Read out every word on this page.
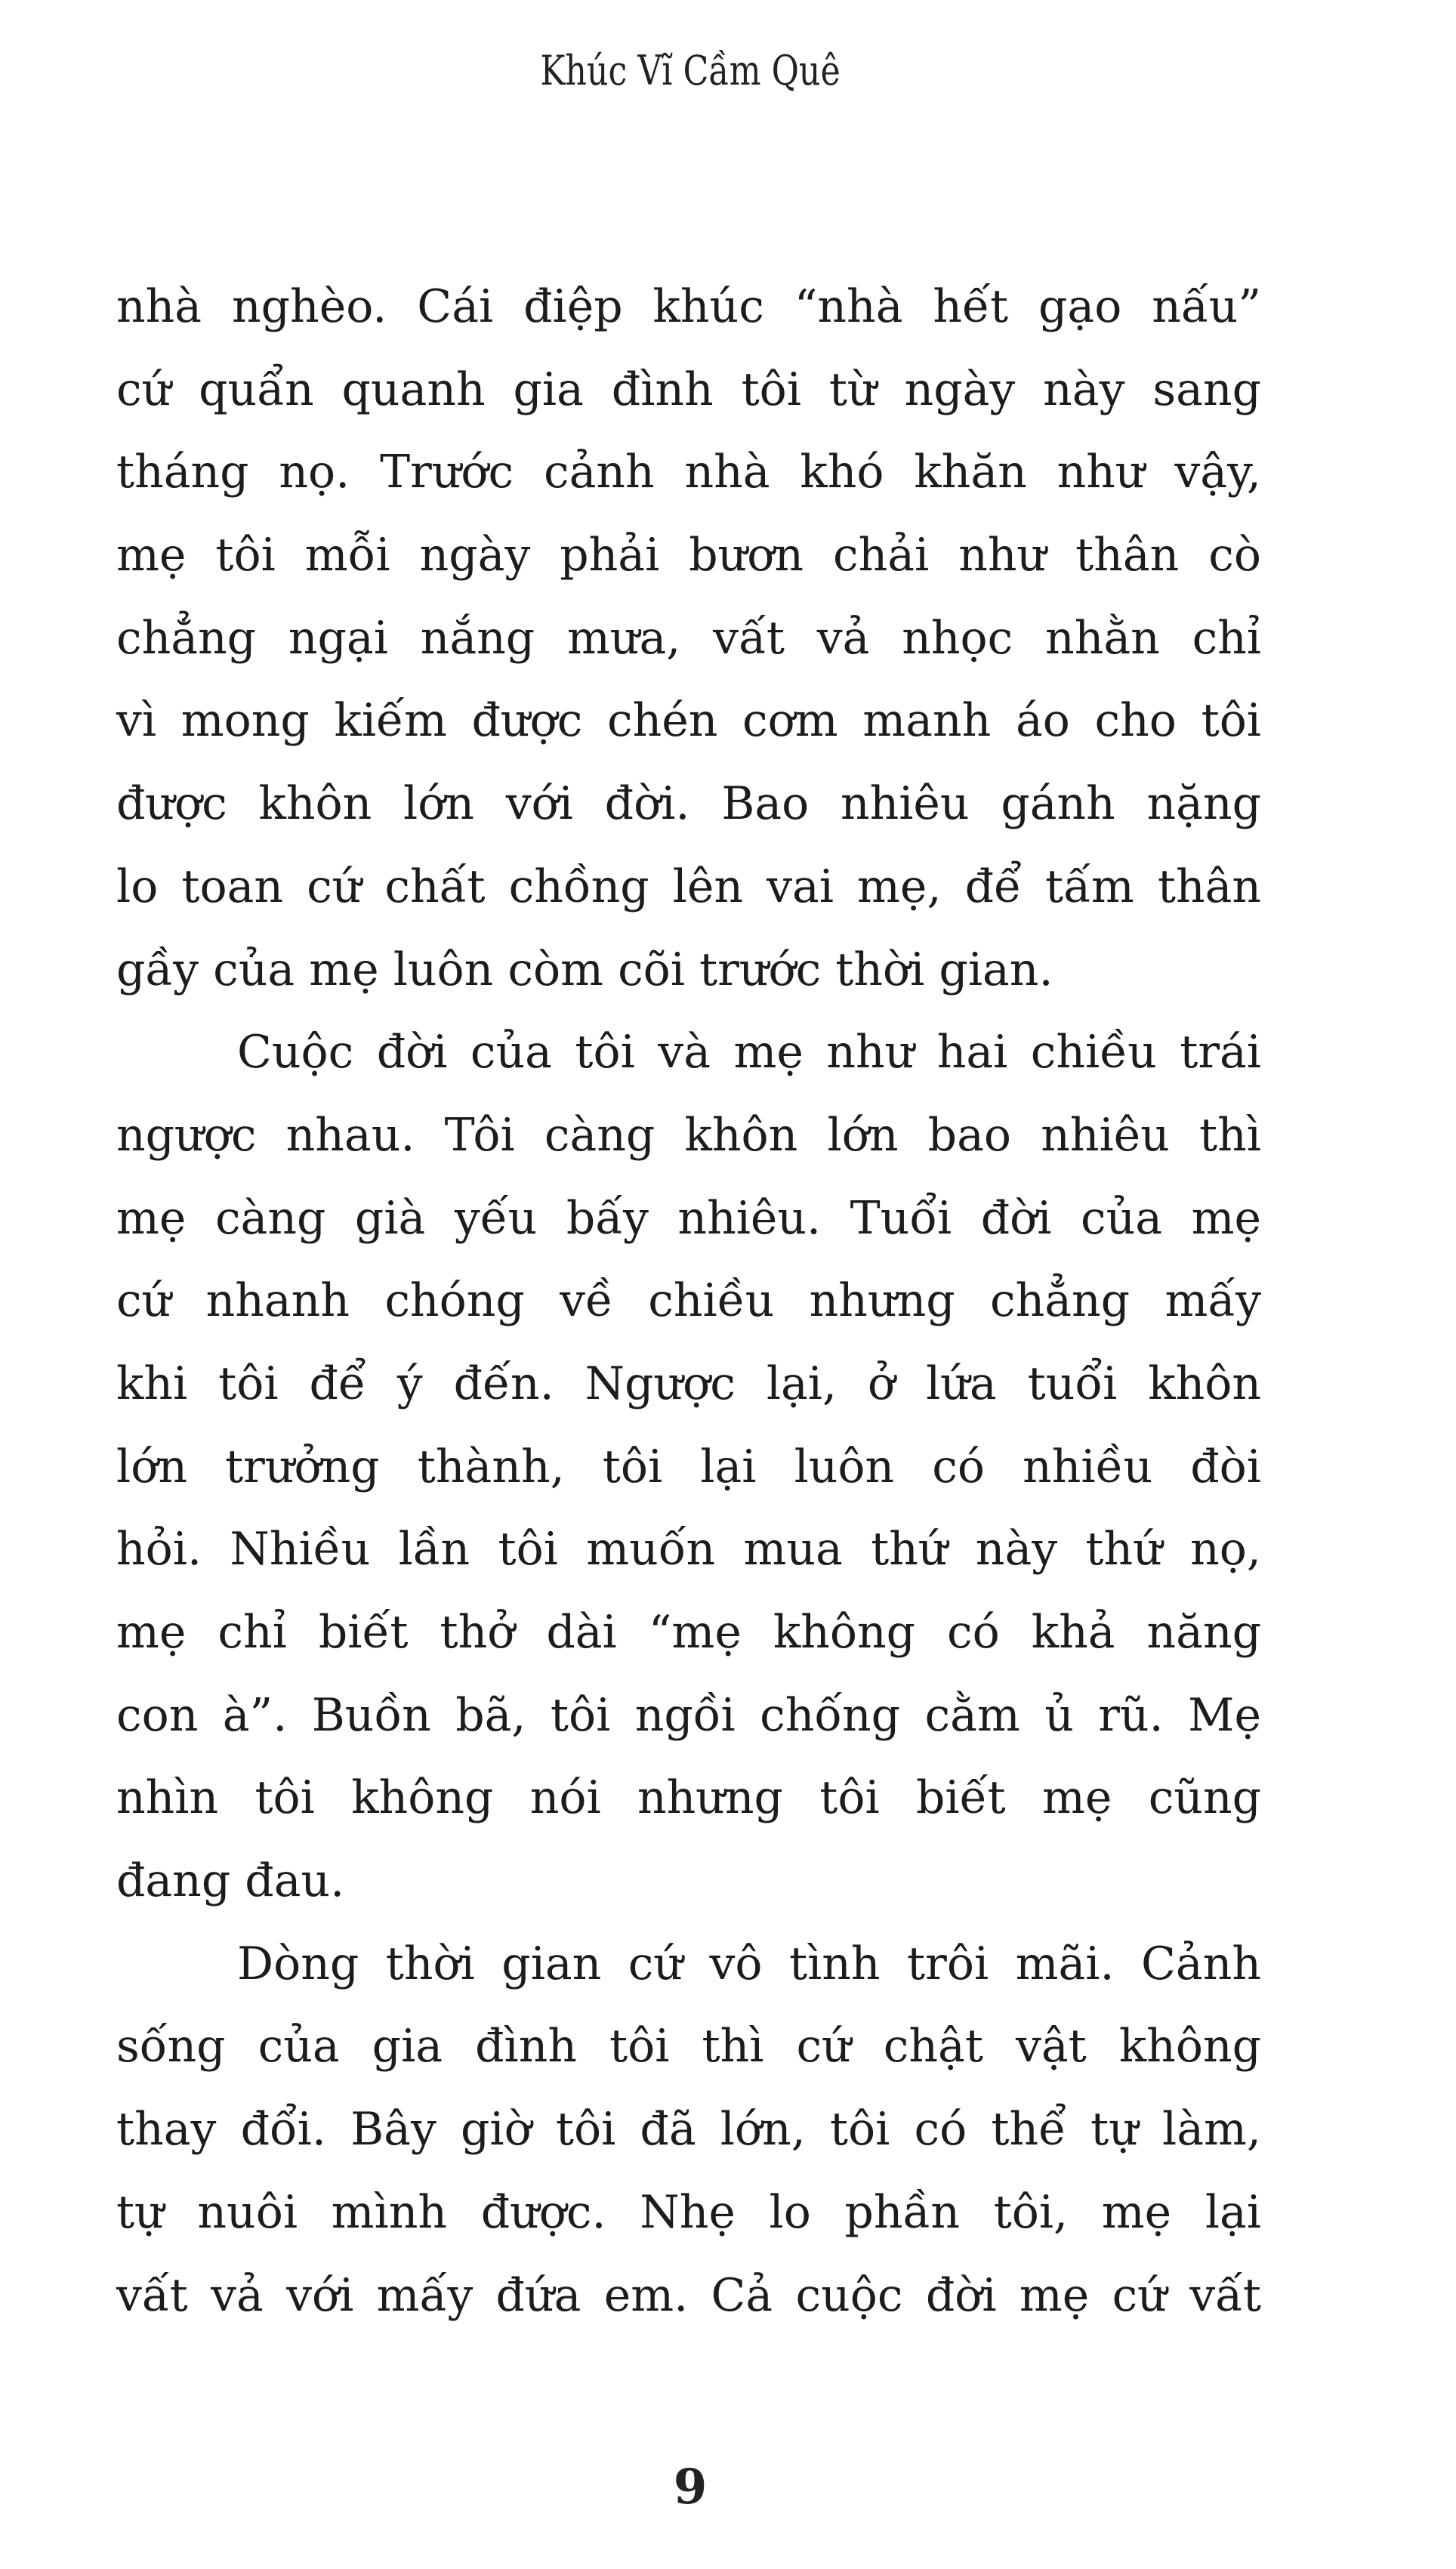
Khúc Vĩ Cầm Quê
nhà nghèo. Cái điệp khúc “nhà hết gạo nấu”
cứ quẩn quanh gia đình tôi từ ngày này sang
tháng nọ. Trước cảnh nhà khó khăn như vậy,
mẹ tôi mỗi ngày phải bươn chải như thân cò
chẳng ngại nắng mưa, vất vả nhọc nhằn chỉ
vì mong kiếm được chén cơm manh áo cho tôi
được khôn lớn với đời. Bao nhiêu gánh nặng
lo toan cứ chất chồng lên vai mẹ, để tấm thân
gầy của mẹ luôn còm cõi trước thời gian.
Cuộc đời của tôi và mẹ như hai chiều trái
ngược nhau. Tôi càng khôn lớn bao nhiêu thì
mẹ càng già yếu bấy nhiêu. Tuổi đời của mẹ
cứ nhanh chóng về chiều nhưng chẳng mấy
khi tôi để ý đến. Ngược lại, ở lứa tuổi khôn
lớn trưởng thành, tôi lại luôn có nhiều đòi
hỏi. Nhiều lần tôi muốn mua thứ này thứ nọ,
mẹ chỉ biết thở dài “mẹ không có khả năng
con à”. Buồn bã, tôi ngồi chống cằm ủ rũ. Mẹ
nhìn tôi không nói nhưng tôi biết mẹ cũng
đang đau.
Dòng thời gian cứ vô tình trôi mãi. Cảnh
sống của gia đình tôi thì cứ chật vật không
thay đổi. Bây giờ tôi đã lớn, tôi có thể tự làm,
tự nuôi mình được. Nhẹ lo phần tôi, mẹ lại
vất vả với mấy đứa em. Cả cuộc đời mẹ cứ vất
9
